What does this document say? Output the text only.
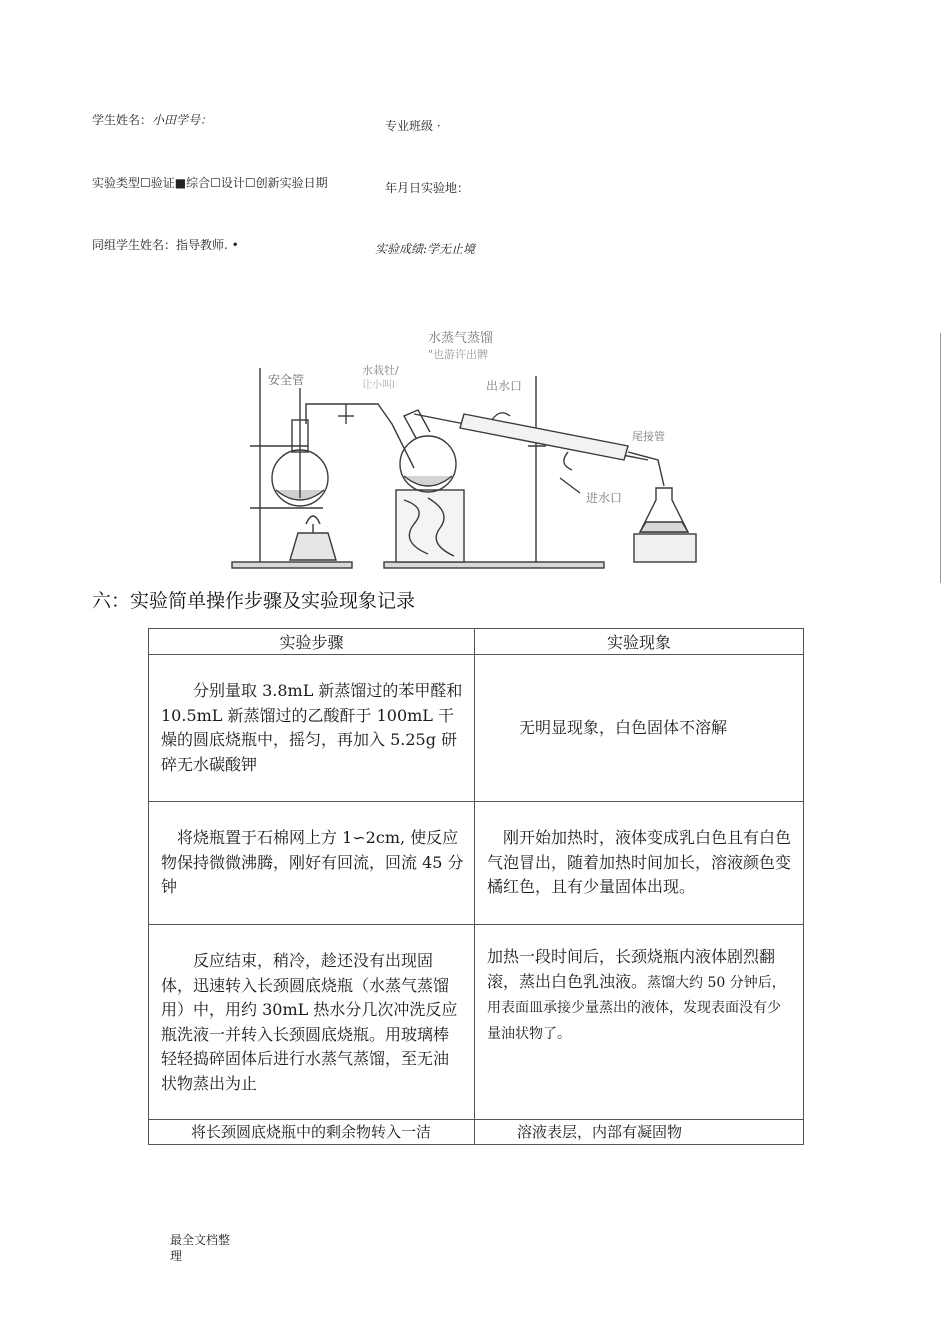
学生姓名：小田学号：	专业班级 ·
实验类型☐验证■综合☐设计☐创新实验日期	年月日实验地：
同组学生姓名：指导教师. •	实验成绩:学无止境
水蒸气蒸馏
"也游许出髀
安全管
水栽牡/
让小叫l	出水口
尾接管
进水口
六：实验简单操作步骤及实验现象记录
实验步骤	实验现象

分别量取 3.8mL 新蒸馏过的苯甲醛和 10.5mL 新蒸馏过的乙酸酐于 100mL 干燥的圆底烧瓶中，摇匀，再加入 5.25g 研碎无水碳酸钾	无明显现象，白色固体不溶解

将烧瓶置于石棉网上方 1∽2cm, 使反应物保持微微沸腾，刚好有回流，回流 45 分钟	刚开始加热时，液体变成乳白色且有白色气泡冒出，随着加热时间加长，溶液颜色变橘红色，且有少量固体出现。

反应结束，稍冷，趁还没有出现固体，迅速转入长颈圆底烧瓶（水蒸气蒸馏用）中，用约 30mL 热水分几次冲洗反应瓶洗液一并转入长颈圆底烧瓶。用玻璃棒轻轻捣碎固体后进行水蒸气蒸馏，至无油状物蒸出为止	加热一段时间后，长颈烧瓶内液体剧烈翻滚，蒸出白色乳浊液。蒸馏大约 50 分钟后，用表面皿承接少量蒸出的液体，发现表面没有少量油状物了。

将长颈圆底烧瓶中的剩余物转入一洁	溶液表层，内部有凝固物
最全文档整理
